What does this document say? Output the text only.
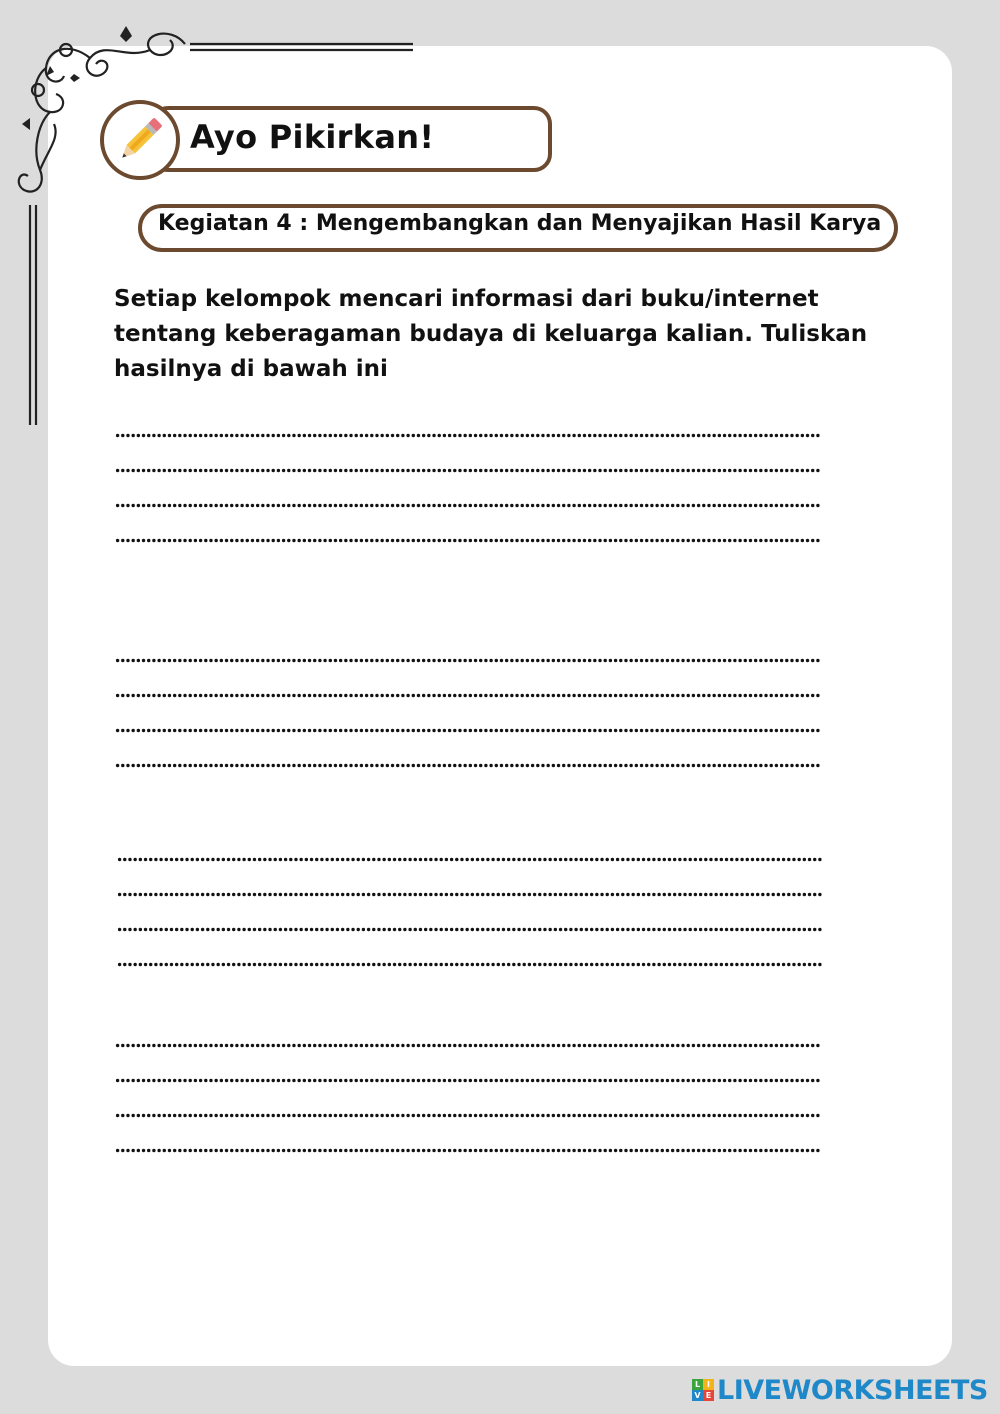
Ayo Pikirkan!
Kegiatan 4 : Mengembangkan dan Menyajikan Hasil Karya
Setiap kelompok mencari informasi dari buku/internet tentang keberagaman budaya di keluarga kalian. Tuliskan hasilnya di bawah ini
L I
V E LIVEWORKSHEETS
